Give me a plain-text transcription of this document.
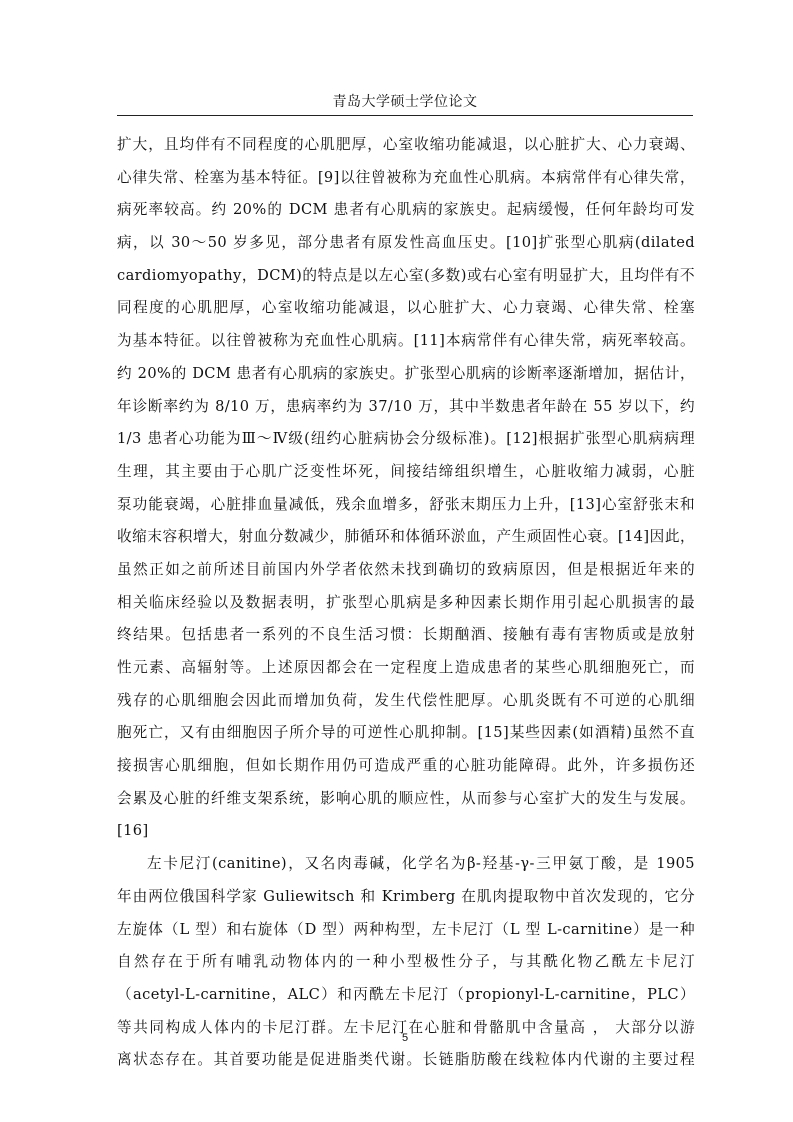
青岛大学硕士学位论文
扩大，且均伴有不同程度的心肌肥厚，心室收缩功能减退，以心脏扩大、心力衰竭、
心律失常、栓塞为基本特征。[9]以往曾被称为充血性心肌病。本病常伴有心律失常，
病死率较高。约 20%的 DCM 患者有心肌病的家族史。起病缓慢，任何年龄均可发
病，以 30～50 岁多见，部分患者有原发性高血压史。[10]扩张型心肌病(dilated
cardiomyopathy，DCM)的特点是以左心室(多数)或右心室有明显扩大，且均伴有不
同程度的心肌肥厚，心室收缩功能减退，以心脏扩大、心力衰竭、心律失常、栓塞
为基本特征。以往曾被称为充血性心肌病。[11]本病常伴有心律失常，病死率较高。
约 20%的 DCM 患者有心肌病的家族史。扩张型心肌病的诊断率逐渐增加，据估计，
年诊断率约为 8/10 万，患病率约为 37/10 万，其中半数患者年龄在 55 岁以下，约
1/3 患者心功能为Ⅲ～Ⅳ级(纽约心脏病协会分级标准)。[12]根据扩张型心肌病病理
生理，其主要由于心肌广泛变性坏死，间接结缔组织增生，心脏收缩力减弱，心脏
泵功能衰竭，心脏排血量减低，残余血增多，舒张末期压力上升，[13]心室舒张末和
收缩末容积增大，射血分数减少，肺循环和体循环淤血，产生顽固性心衰。[14]因此，
虽然正如之前所述目前国内外学者依然未找到确切的致病原因，但是根据近年来的
相关临床经验以及数据表明，扩张型心肌病是多种因素长期作用引起心肌损害的最
终结果。包括患者一系列的不良生活习惯：长期酗酒、接触有毒有害物质或是放射
性元素、高辐射等。上述原因都会在一定程度上造成患者的某些心肌细胞死亡，而
残存的心肌细胞会因此而增加负荷，发生代偿性肥厚。心肌炎既有不可逆的心肌细
胞死亡，又有由细胞因子所介导的可逆性心肌抑制。[15]某些因素(如酒精)虽然不直
接损害心肌细胞，但如长期作用仍可造成严重的心脏功能障碍。此外，许多损伤还
会累及心脏的纤维支架系统，影响心肌的顺应性，从而参与心室扩大的发生与发展。
[16]
左卡尼汀(canitine)，又名肉毒碱，化学名为β-羟基-γ-三甲氨丁酸，是 1905
年由两位俄国科学家 Guliewitsch 和 Krimberg 在肌肉提取物中首次发现的，它分
左旋体（L 型）和右旋体（D 型）两种构型，左卡尼汀（L 型 L-carnitine）是一种
自然存在于所有哺乳动物体内的一种小型极性分子，与其酰化物乙酰左卡尼汀
（acetyl-L-carnitine，ALC）和丙酰左卡尼汀（propionyl-L-carnitine，PLC）
等共同构成人体内的卡尼汀群。左卡尼汀在心脏和骨骼肌中含量高 ， 大部分以游
离状态存在。其首要功能是促进脂类代谢。长链脂肪酸在线粒体内代谢的主要过程
5
